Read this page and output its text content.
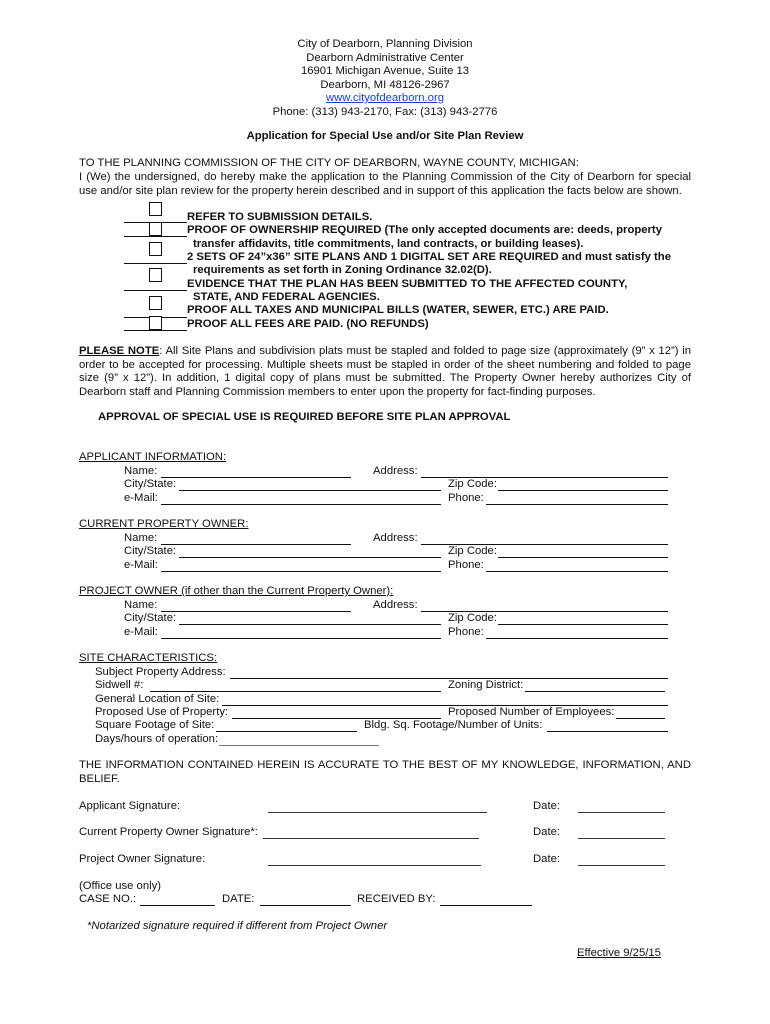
City of Dearborn, Planning Division
Dearborn Administrative Center
16901 Michigan Avenue, Suite 13
Dearborn, MI 48126-2967
www.cityofdearborn.org
Phone: (313) 943-2170, Fax: (313) 943-2776
Application for Special Use and/or Site Plan Review
TO THE PLANNING COMMISSION OF THE CITY OF DEARBORN, WAYNE COUNTY, MICHIGAN:
I (We) the undersigned, do hereby make the application to the Planning Commission of the City of Dearborn for special use and/or site plan review for the property herein described and in support of this application the facts below are shown.
REFER TO SUBMISSION DETAILS.
PROOF OF OWNERSHIP REQUIRED (The only accepted documents are: deeds, property
transfer affidavits, title commitments, land contracts, or building leases).
2 SETS OF 24”x36” SITE PLANS AND 1 DIGITAL SET ARE REQUIRED and must satisfy the
requirements as set forth in Zoning Ordinance 32.02(D).
EVIDENCE THAT THE PLAN HAS BEEN SUBMITTED TO THE AFFECTED COUNTY,
STATE, AND FEDERAL AGENCIES.
PROOF ALL TAXES AND MUNICIPAL BILLS (WATER, SEWER, ETC.) ARE PAID.
PROOF ALL FEES ARE PAID. (NO REFUNDS)
PLEASE NOTE: All Site Plans and subdivision plats must be stapled and folded to page size (approximately (9” x 12”) in order to be accepted for processing. Multiple sheets must be stapled in order of the sheet numbering and folded to page size (9” x 12”). In addition, 1 digital copy of plans must be submitted. The Property Owner hereby authorizes City of Dearborn staff and Planning Commission members to enter upon the property for fact-finding purposes.
APPROVAL OF SPECIAL USE IS REQUIRED BEFORE SITE PLAN APPROVAL
APPLICANT INFORMATION:
Name:	Address:
City/State:	Zip Code:
e-Mail:	Phone:
CURRENT PROPERTY OWNER:
Name:	Address:
City/State:	Zip Code:
e-Mail:	Phone:
PROJECT OWNER (if other than the Current Property Owner):
Name:	Address:
City/State:	Zip Code:
e-Mail:	Phone:
SITE CHARACTERISTICS:
Subject Property Address:
Sidwell #:	Zoning District:
General Location of Site:
Proposed Use of Property:	Proposed Number of Employees:
Square Footage of Site:	Bldg. Sq. Footage/Number of Units:
Days/hours of operation:
THE INFORMATION CONTAINED HEREIN IS ACCURATE TO THE BEST OF MY KNOWLEDGE, INFORMATION, AND BELIEF.
Applicant Signature:	Date:
Current Property Owner Signature*:	Date:
Project Owner Signature:	Date:
(Office use only)
CASE NO.:	DATE:	RECEIVED BY:
*Notarized signature required if different from Project Owner
Effective 9/25/15
